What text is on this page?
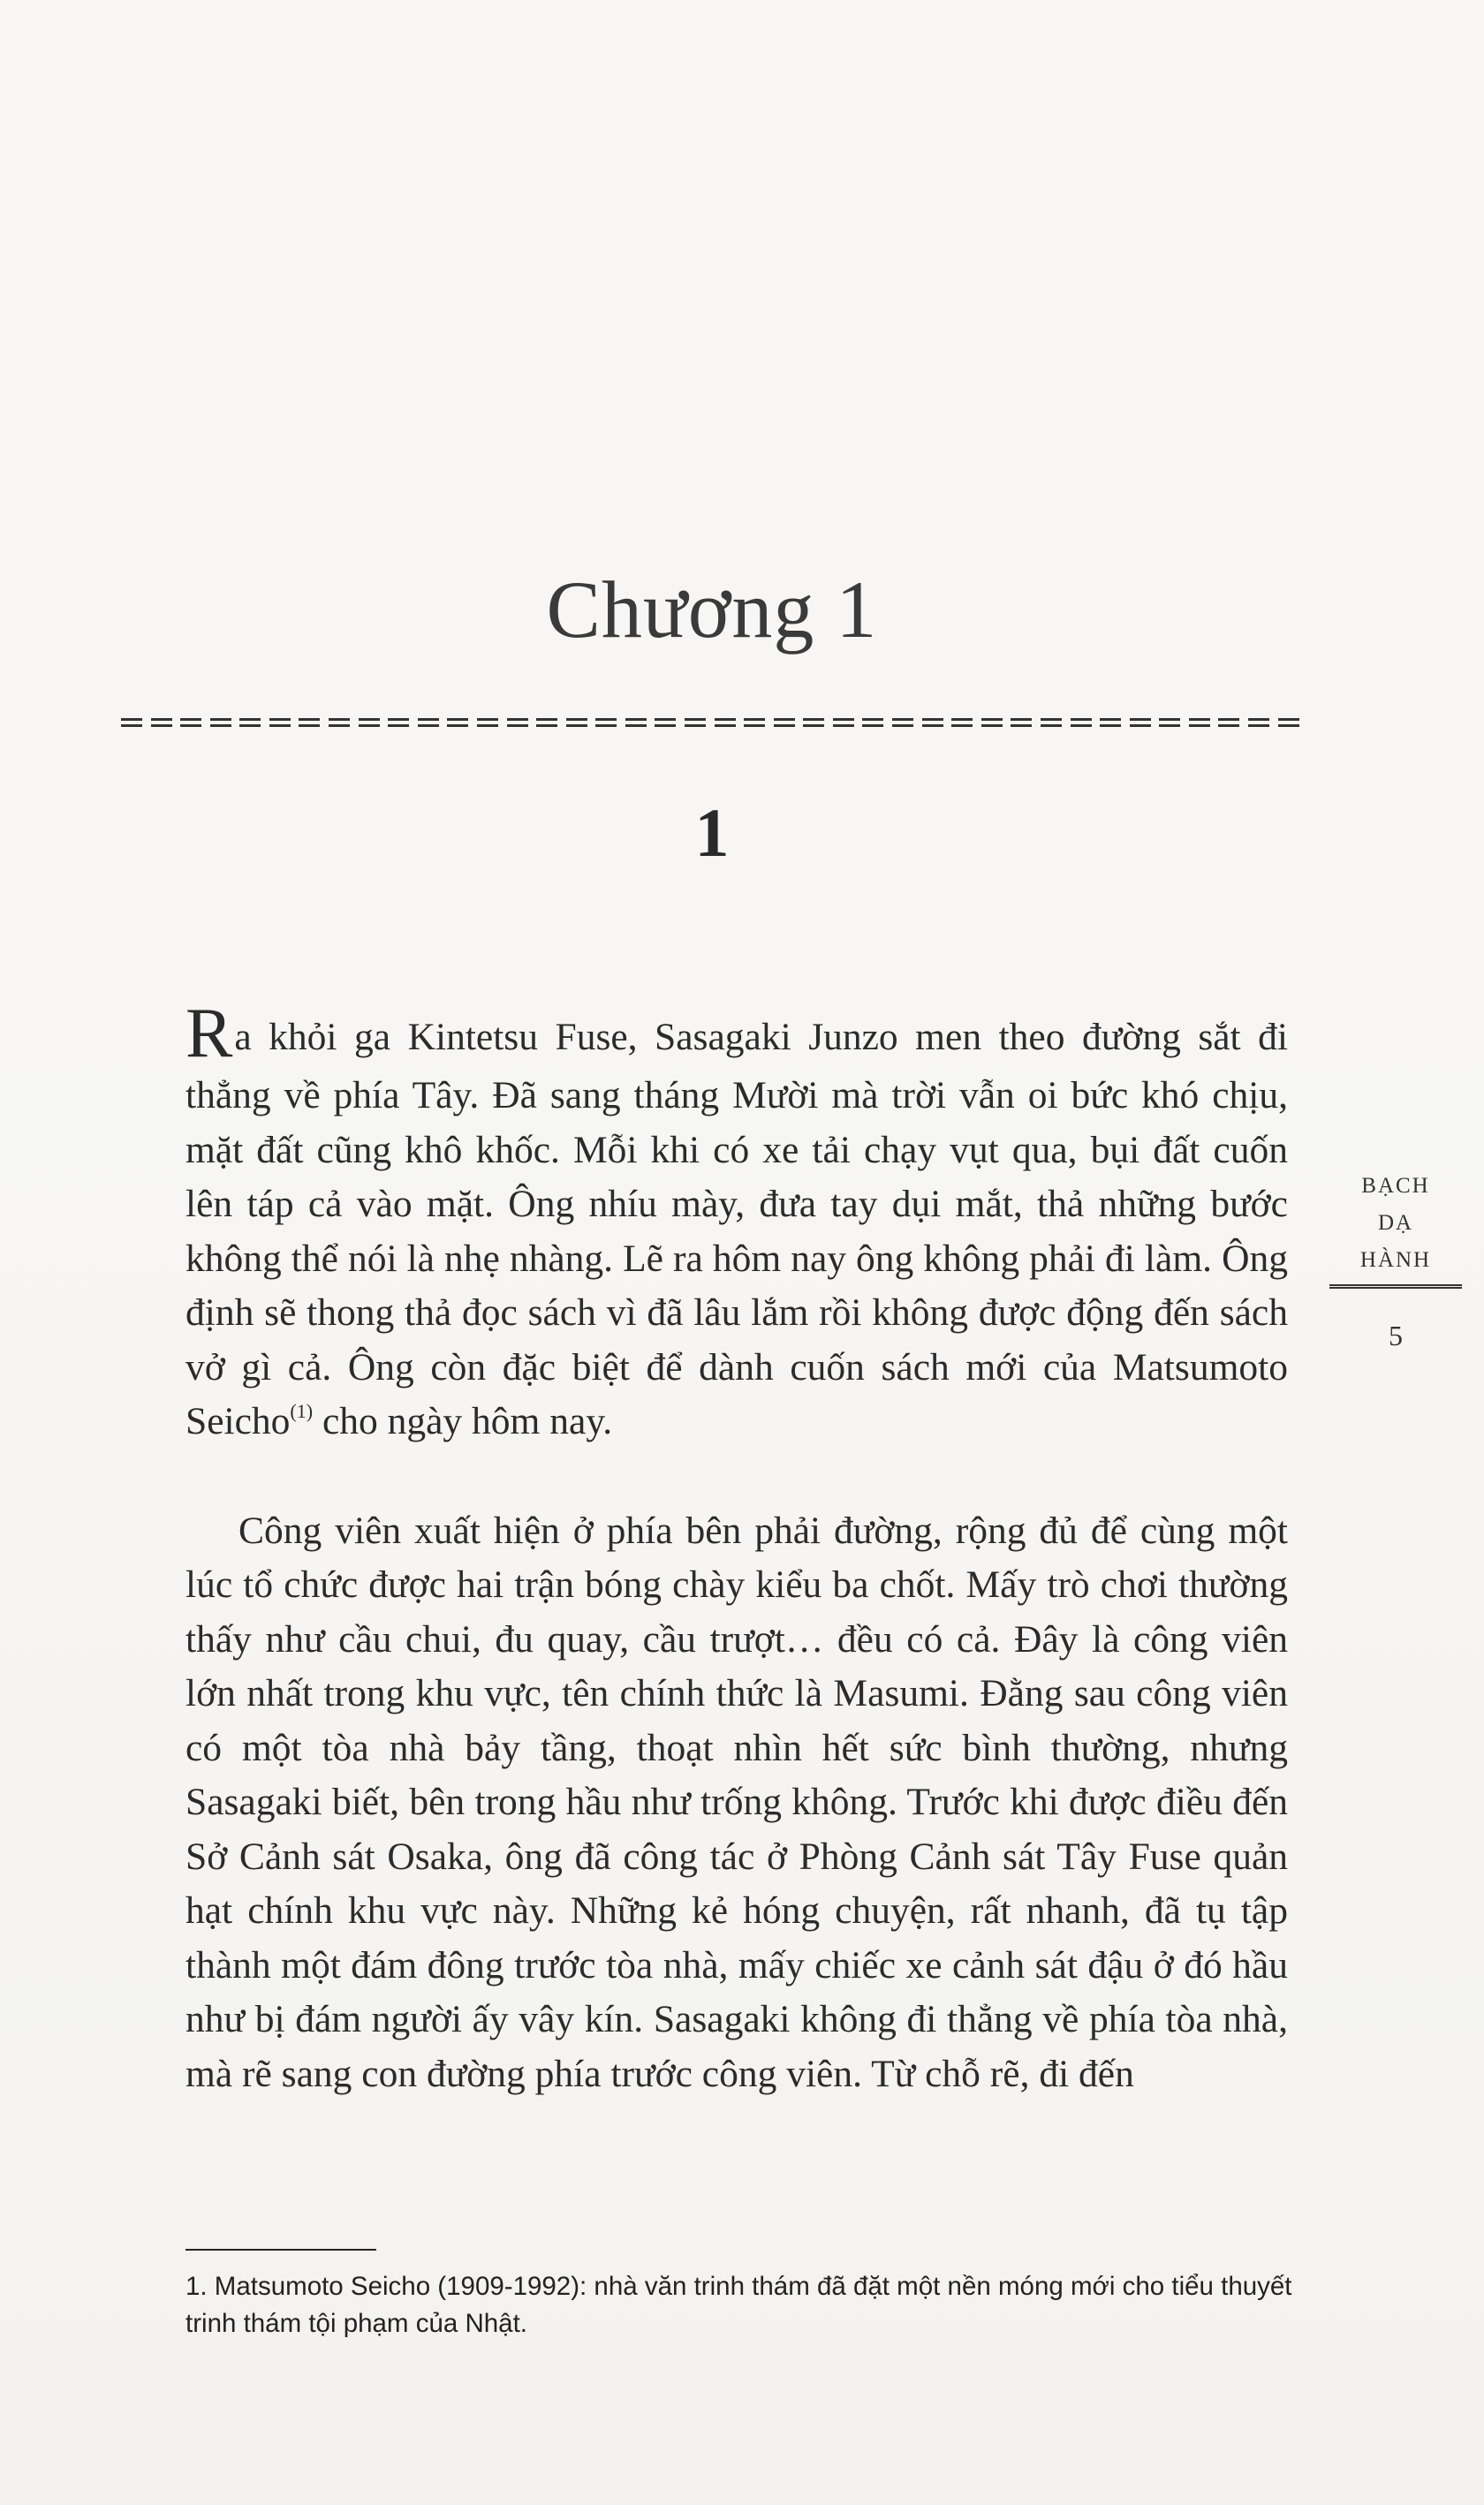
Chương 1
1

Ra khỏi ga Kintetsu Fuse, Sasagaki Junzo men theo đường sắt đi thẳng về phía Tây. Đã sang tháng Mười mà trời vẫn oi bức khó chịu, mặt đất cũng khô khốc. Mỗi khi có xe tải chạy vụt qua, bụi đất cuốn lên táp cả vào mặt. Ông nhíu mày, đưa tay dụi mắt, thả những bước không thể nói là nhẹ nhàng. Lẽ ra hôm nay ông không phải đi làm. Ông định sẽ thong thả đọc sách vì đã lâu lắm rồi không được động đến sách vở gì cả. Ông còn đặc biệt để dành cuốn sách mới của Matsumoto Seicho$^{(1)}$ cho ngày hôm nay.

Công viên xuất hiện ở phía bên phải đường, rộng đủ để cùng một lúc tổ chức được hai trận bóng chày kiểu ba chốt. Mấy trò chơi thường thấy như cầu chui, đu quay, cầu trượt… đều có cả. Đây là công viên lớn nhất trong khu vực, tên chính thức là Masumi. Đằng sau công viên có một tòa nhà bảy tầng, thoạt nhìn hết sức bình thường, nhưng Sasagaki biết, bên trong hầu như trống không. Trước khi được điều đến Sở Cảnh sát Osaka, ông đã công tác ở Phòng Cảnh sát Tây Fuse quản hạt chính khu vực này. Những kẻ hóng chuyện, rất nhanh, đã tụ tập thành một đám đông trước tòa nhà, mấy chiếc xe cảnh sát đậu ở đó hầu như bị đám người ấy vây kín. Sasagaki không đi thẳng về phía tòa nhà, mà rẽ sang con đường phía trước công viên. Từ chỗ rẽ, đi đến

BẠCH
DẠ
HÀNH
5

1. Matsumoto Seicho (1909-1992): nhà văn trinh thám đã đặt một nền móng mới cho tiểu thuyết trinh thám tội phạm của Nhật.
